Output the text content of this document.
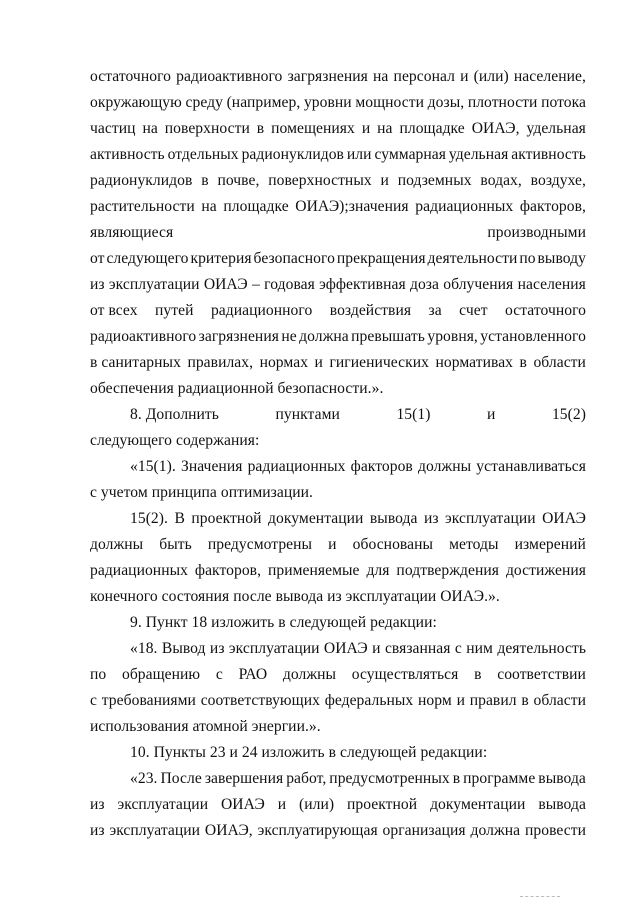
остаточного радиоактивного загрязнения на персонал и (или) население,
окружающую среду (например, уровни мощности дозы, плотности потока
частиц на поверхности в помещениях и на площадке ОИАЭ, удельная
активность отдельных радионуклидов или суммарная удельная активность
радионуклидов в почве, поверхностных и подземных водах, воздухе,
растительности на площадке ОИАЭ);значения радиационных факторов,
являющиеся	производными
от следующего критерия безопасного прекращения деятельности по выводу
из эксплуатации ОИАЭ – годовая эффективная доза облучения населения
от всех путей радиационного воздействия за счет остаточного
радиоактивного загрязнения не должна превышать уровня, установленного
в санитарных правилах, нормах и гигиенических нормативах в области
обеспечения радиационной безопасности.».
8. Дополнить	пунктами	15(1)	и	15(2)
следующего содержания:
«15(1). Значения радиационных факторов должны устанавливаться
с учетом принципа оптимизации.
15(2). В проектной документации вывода из эксплуатации ОИАЭ
должны быть предусмотрены и обоснованы методы измерений
радиационных факторов, применяемые для подтверждения достижения
конечного состояния после вывода из эксплуатации ОИАЭ.».
9. Пункт 18 изложить в следующей редакции:
«18. Вывод из эксплуатации ОИАЭ и связанная с ним деятельность
по обращению с РАО должны осуществляться в соответствии
с требованиями соответствующих федеральных норм и правил в области
использования атомной энергии.».
10. Пункты 23 и 24 изложить в следующей редакции:
«23. После завершения работ, предусмотренных в программе вывода
из эксплуатации ОИАЭ и (или) проектной документации вывода
из эксплуатации ОИАЭ, эксплуатирующая организация должна провести
